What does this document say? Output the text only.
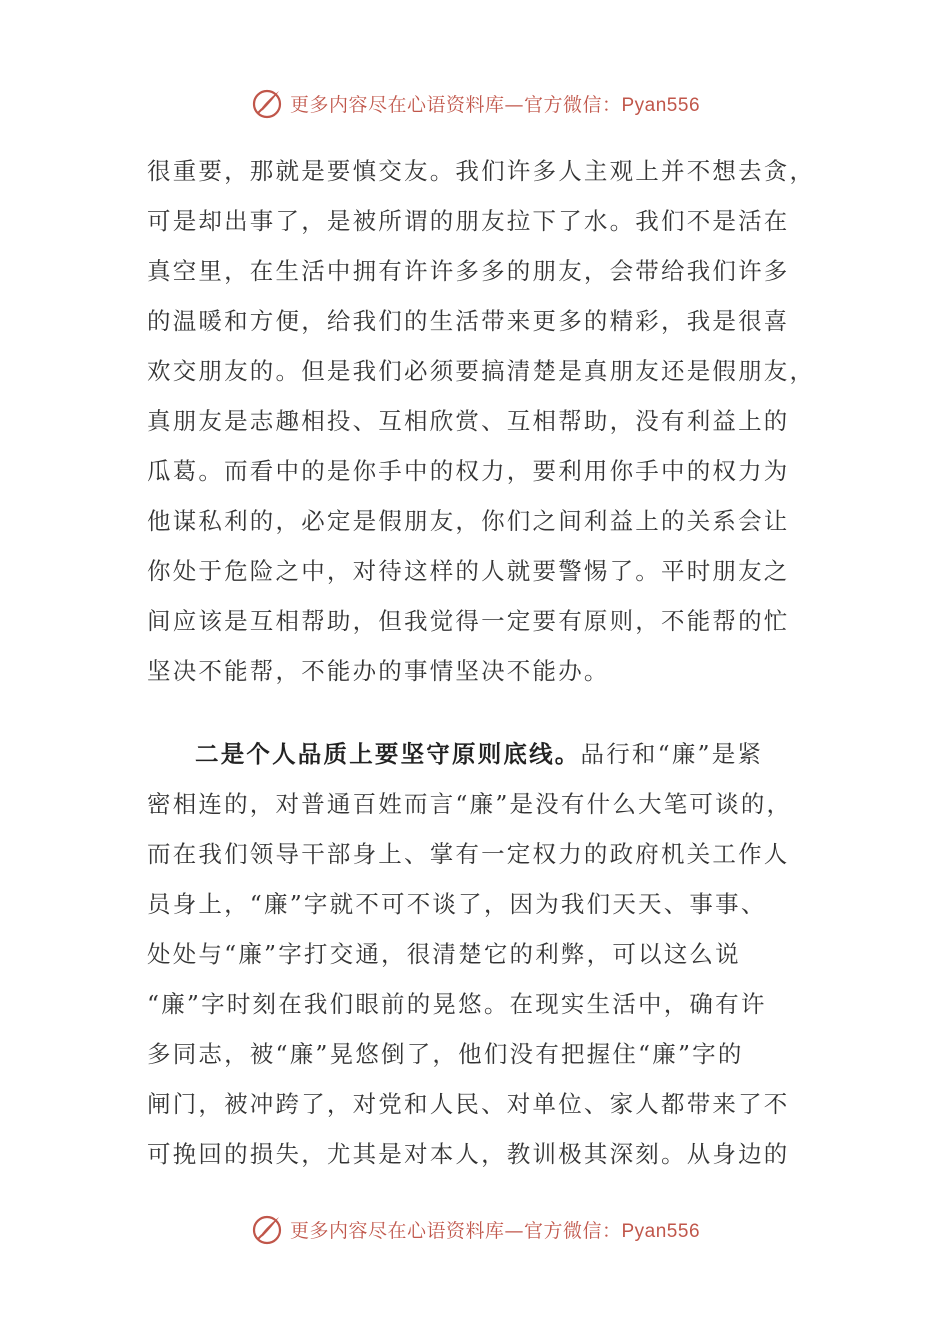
更多内容尽在心语资料库—官方微信：Pyan556
很重要，那就是要慎交友。我们许多人主观上并不想去贪，
可是却出事了，是被所谓的朋友拉下了水。我们不是活在
真空里，在生活中拥有许许多多的朋友，会带给我们许多
的温暖和方便，给我们的生活带来更多的精彩，我是很喜
欢交朋友的。但是我们必须要搞清楚是真朋友还是假朋友，
真朋友是志趣相投、互相欣赏、互相帮助，没有利益上的
瓜葛。而看中的是你手中的权力，要利用你手中的权力为
他谋私利的，必定是假朋友，你们之间利益上的关系会让
你处于危险之中，对待这样的人就要警惕了。平时朋友之
间应该是互相帮助，但我觉得一定要有原则，不能帮的忙
坚决不能帮，不能办的事情坚决不能办。
二是个人品质上要坚守原则底线。品行和“廉”是紧
密相连的，对普通百姓而言“廉”是没有什么大笔可谈的，
而在我们领导干部身上、掌有一定权力的政府机关工作人
员身上，“廉”字就不可不谈了，因为我们天天、事事、
处处与“廉”字打交通，很清楚它的利弊，可以这么说
“廉”字时刻在我们眼前的晃悠。在现实生活中，确有许
多同志，被“廉”晃悠倒了，他们没有把握住“廉”字的
闸门，被冲跨了，对党和人民、对单位、家人都带来了不
可挽回的损失，尤其是对本人，教训极其深刻。从身边的
更多内容尽在心语资料库—官方微信：Pyan556
